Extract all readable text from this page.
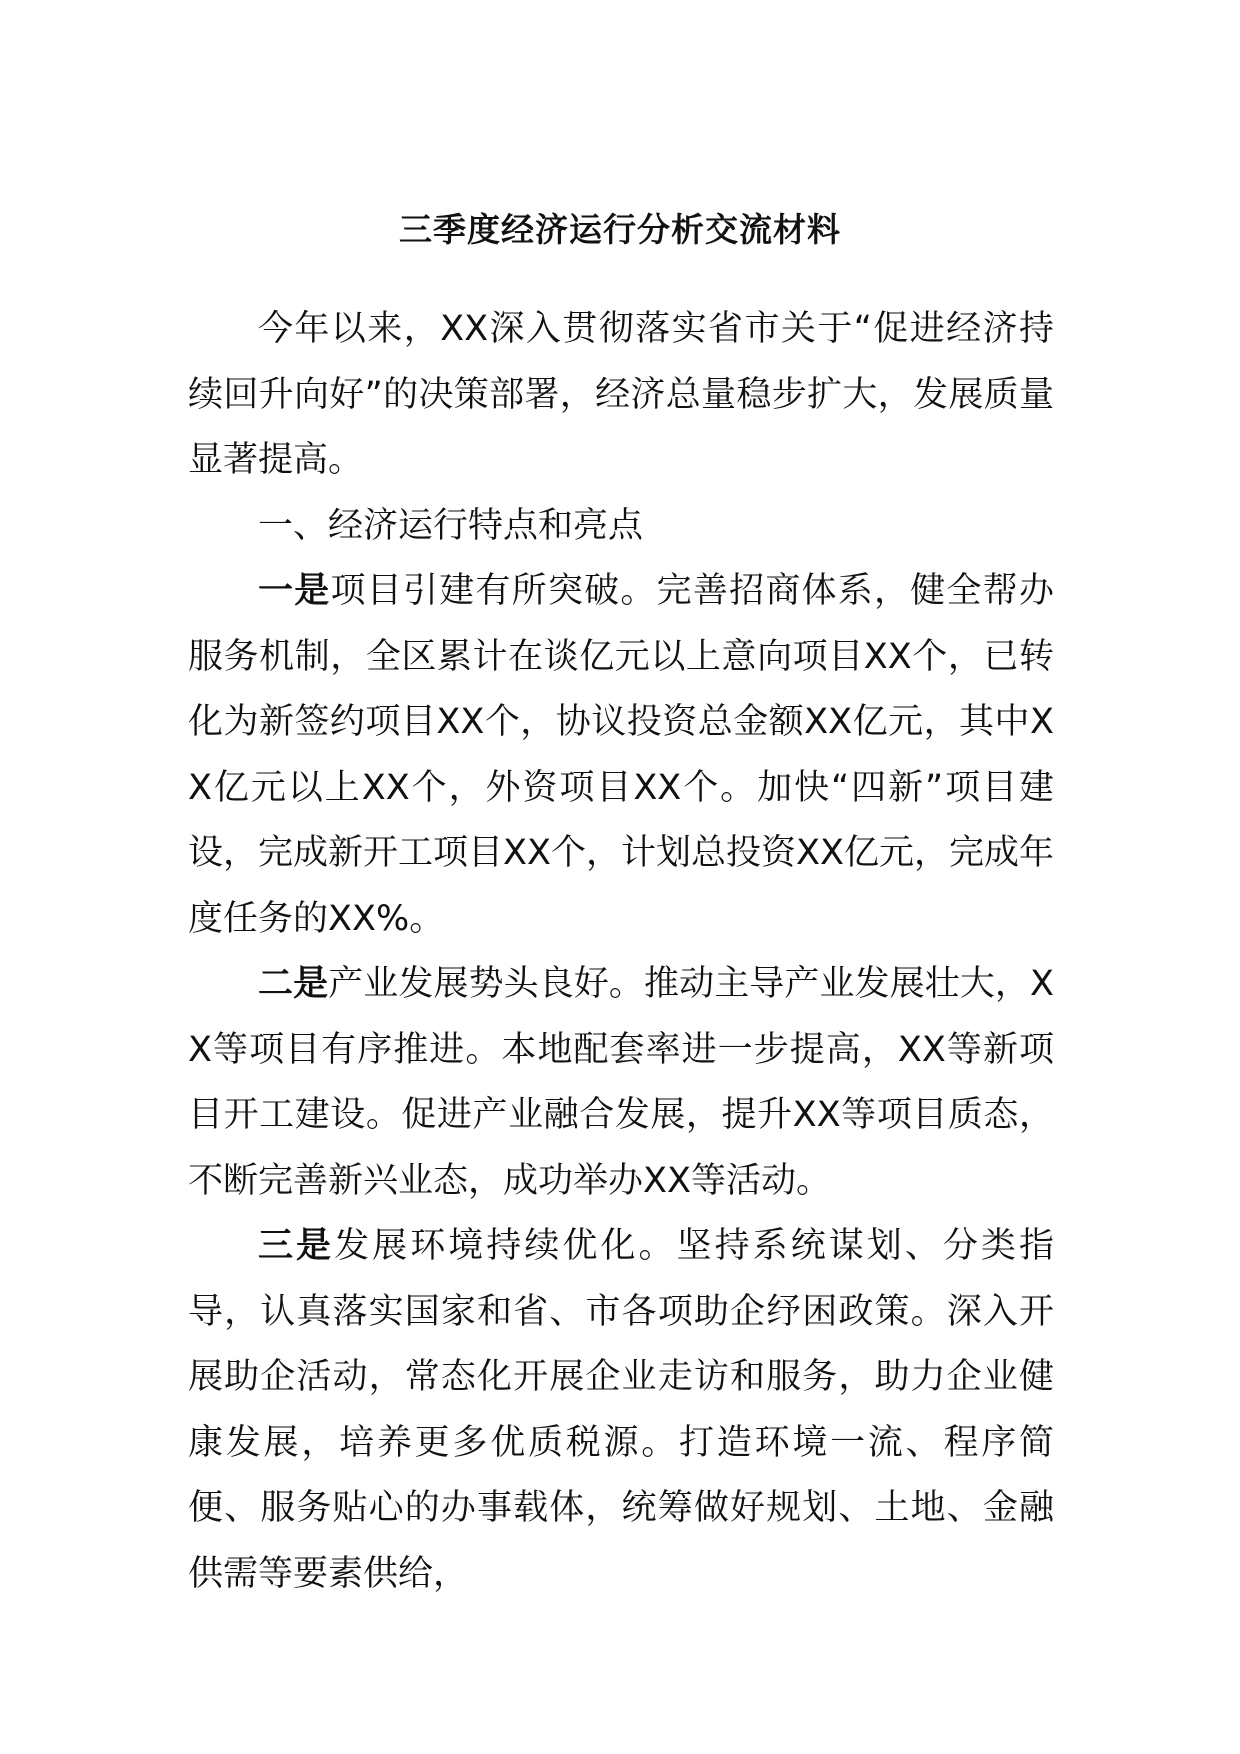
三季度经济运行分析交流材料

今年以来，XX深入贯彻落实省市关于“促进经济持续回升向好”的决策部署，经济总量稳步扩大，发展质量显著提高。

一、经济运行特点和亮点

一是项目引建有所突破。完善招商体系，健全帮办服务机制，全区累计在谈亿元以上意向项目XX个，已转化为新签约项目XX个，协议投资总金额XX亿元，其中XX亿元以上XX个，外资项目XX个。加快“四新”项目建设，完成新开工项目XX个，计划总投资XX亿元，完成年度任务的XX%。

二是产业发展势头良好。推动主导产业发展壮大，XX等项目有序推进。本地配套率进一步提高，XX等新项目开工建设。促进产业融合发展，提升XX等项目质态，不断完善新兴业态，成功举办XX等活动。

三是发展环境持续优化。坚持系统谋划、分类指导，认真落实国家和省、市各项助企纾困政策。深入开展助企活动，常态化开展企业走访和服务，助力企业健康发展，培养更多优质税源。打造环境一流、程序简便、服务贴心的办事载体，统筹做好规划、土地、金融供需等要素供给，
